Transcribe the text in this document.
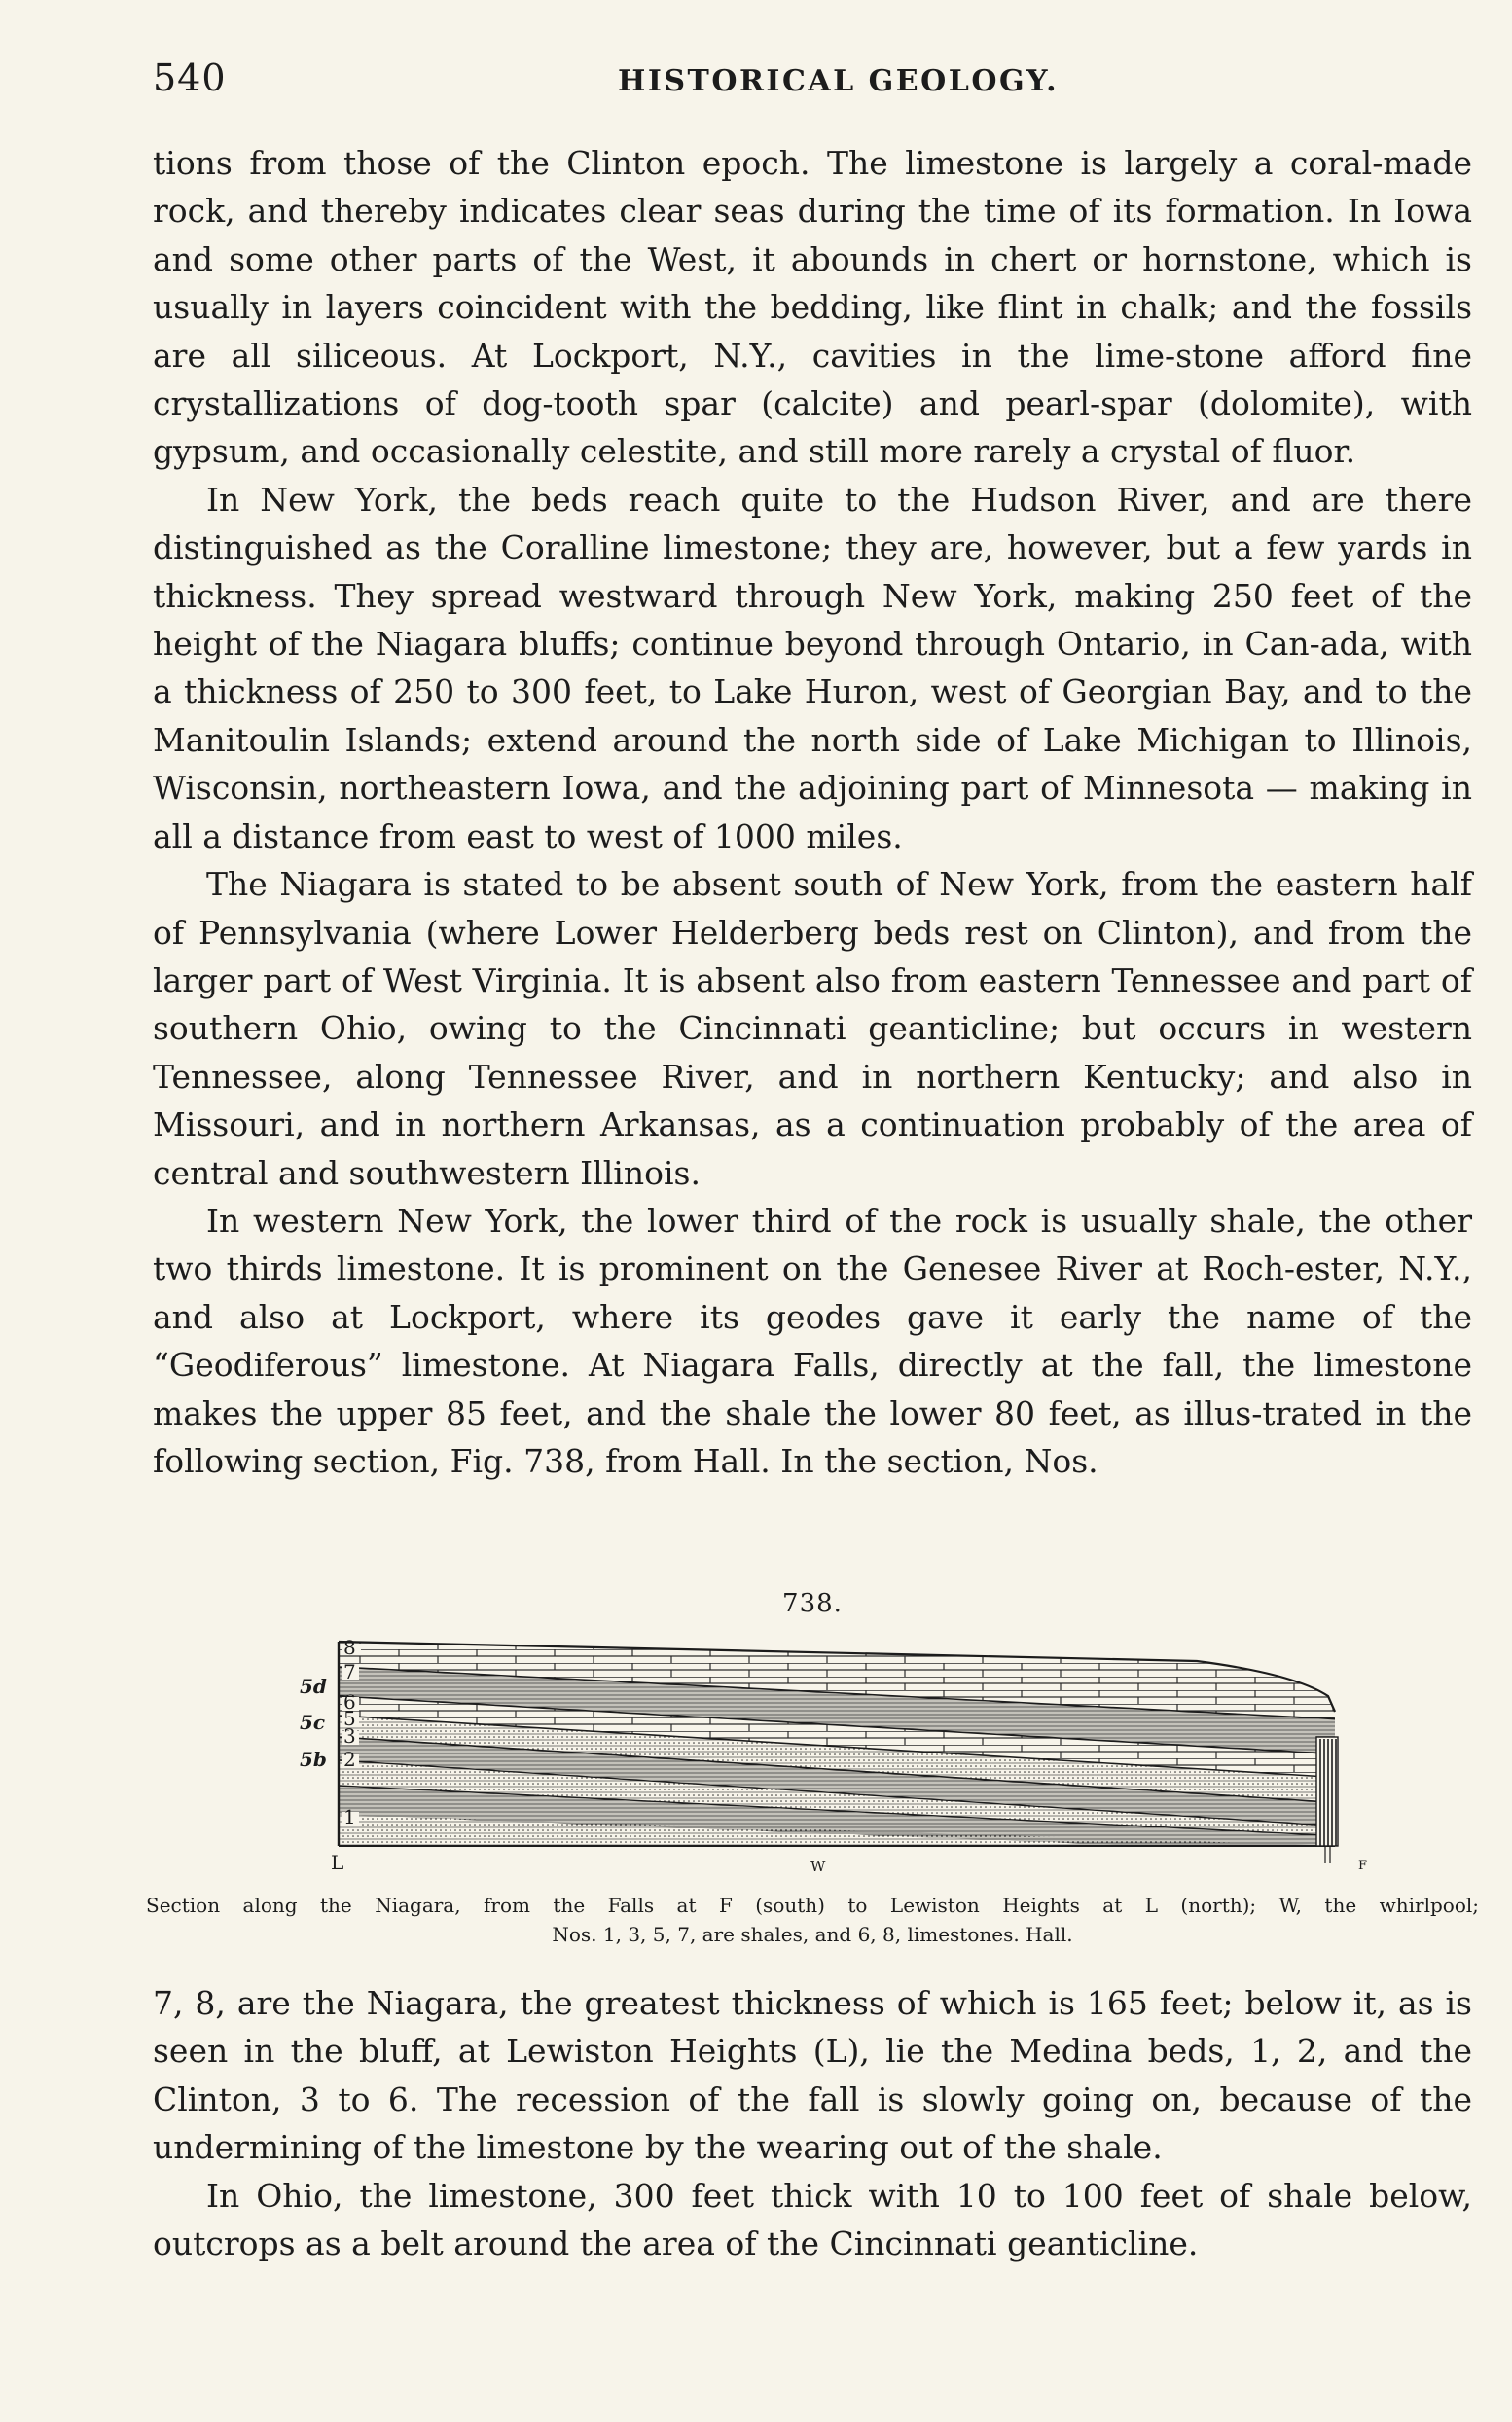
540	HISTORICAL GEOLOGY.

tions from those of the Clinton epoch. The limestone is largely a coral-made rock, and thereby indicates clear seas during the time of its formation. In Iowa and some other parts of the West, it abounds in chert or hornstone, which is usually in layers coincident with the bedding, like flint in chalk; and the fossils are all siliceous. At Lockport, N.Y., cavities in the lime-stone afford fine crystallizations of dog-tooth spar (calcite) and pearl-spar (dolomite), with gypsum, and occasionally celestite, and still more rarely a crystal of fluor.

In New York, the beds reach quite to the Hudson River, and are there distinguished as the Coralline limestone; they are, however, but a few yards in thickness. They spread westward through New York, making 250 feet of the height of the Niagara bluffs; continue beyond through Ontario, in Can-ada, with a thickness of 250 to 300 feet, to Lake Huron, west of Georgian Bay, and to the Manitoulin Islands; extend around the north side of Lake Michigan to Illinois, Wisconsin, northeastern Iowa, and the adjoining part of Minnesota — making in all a distance from east to west of 1000 miles.

The Niagara is stated to be absent south of New York, from the eastern half of Pennsylvania (where Lower Helderberg beds rest on Clinton), and from the larger part of West Virginia. It is absent also from eastern Tennessee and part of southern Ohio, owing to the Cincinnati geanticline; but occurs in western Tennessee, along Tennessee River, and in northern Kentucky; and also in Missouri, and in northern Arkansas, as a continuation probably of the area of central and southwestern Illinois.

In western New York, the lower third of the rock is usually shale, the other two thirds limestone. It is prominent on the Genesee River at Roch-ester, N.Y., and also at Lockport, where its geodes gave it early the name of the “Geodiferous” limestone. At Niagara Falls, directly at the fall, the limestone makes the upper 85 feet, and the shale the lower 80 feet, as illus-trated in the following section, Fig. 738, from Hall. In the section, Nos.

738.
8
7
6
5
3
2
1
5d
5c
5b
L	W	F
Section along the Niagara, from the Falls at F (south) to Lewiston Heights at L (north); W, the whirlpool;
Nos. 1, 3, 5, 7, are shales, and 6, 8, limestones. Hall.

7, 8, are the Niagara, the greatest thickness of which is 165 feet; below it, as is seen in the bluff, at Lewiston Heights (L), lie the Medina beds, 1, 2, and the Clinton, 3 to 6. The recession of the fall is slowly going on, because of the undermining of the limestone by the wearing out of the shale.

In Ohio, the limestone, 300 feet thick with 10 to 100 feet of shale below, outcrops as a belt around the area of the Cincinnati geanticline.
